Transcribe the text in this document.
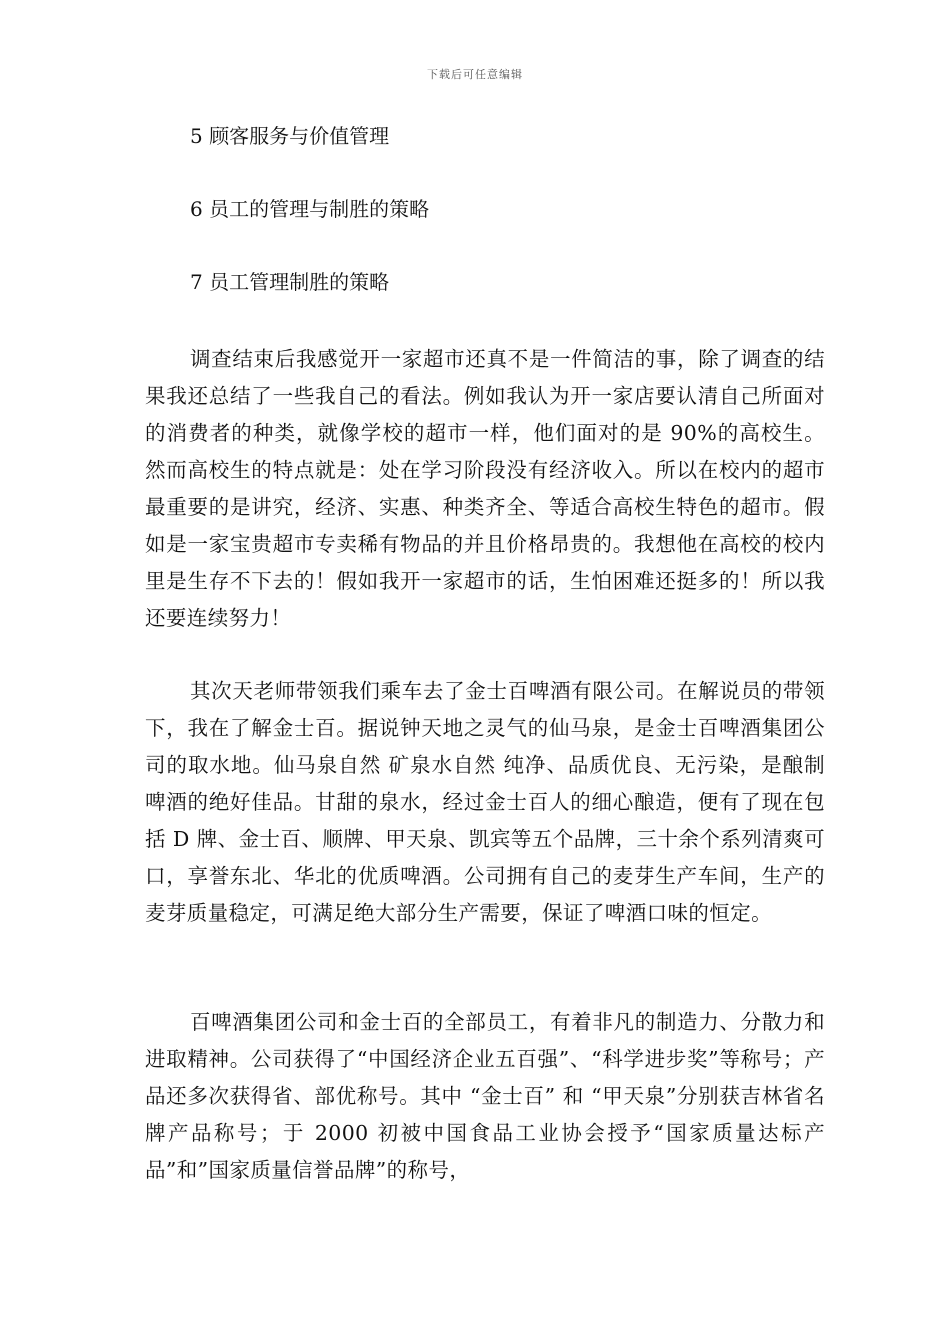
下载后可任意编辑
5 顾客服务与价值管理
6 员工的管理与制胜的策略
7 员工管理制胜的策略

调查结束后我感觉开一家超市还真不是一件简洁的事，除了调查的结果我还总结了一些我自己的看法。例如我认为开一家店要认清自己所面对的消费者的种类，就像学校的超市一样，他们面对的是 90%的高校生。然而高校生的特点就是：处在学习阶段没有经济收入。所以在校内的超市最重要的是讲究，经济、实惠、种类齐全、等适合高校生特色的超市。假如是一家宝贵超市专卖稀有物品的并且价格昂贵的。我想他在高校的校内里是生存不下去的！假如我开一家超市的话，生怕困难还挺多的！所以我还要连续努力！

其次天老师带领我们乘车去了金士百啤酒有限公司。在解说员的带领下，我在了解金士百。据说钟天地之灵气的仙马泉，是金士百啤酒集团公司的取水地。仙马泉自然 矿泉水自然 纯净、品质优良、无污染，是酿制啤酒的绝好佳品。甘甜的泉水，经过金士百人的细心酿造，便有了现在包括 D 牌、金士百、顺牌、甲天泉、凯宾等五个品牌，三十余个系列清爽可口，享誉东北、华北的优质啤酒。公司拥有自己的麦芽生产车间，生产的麦芽质量稳定，可满足绝大部分生产需要，保证了啤酒口味的恒定。

百啤酒集团公司和金士百的全部员工，有着非凡的制造力、分散力和进取精神。公司获得了“中国经济企业五百强”、“科学进步奖”等称号；产品还多次获得省、部优称号。其中 “金士百” 和 “甲天泉”分别获吉林省名牌产品称号；于 2000 初被中国食品工业协会授予“国家质量达标产品”和”国家质量信誉品牌”的称号，
